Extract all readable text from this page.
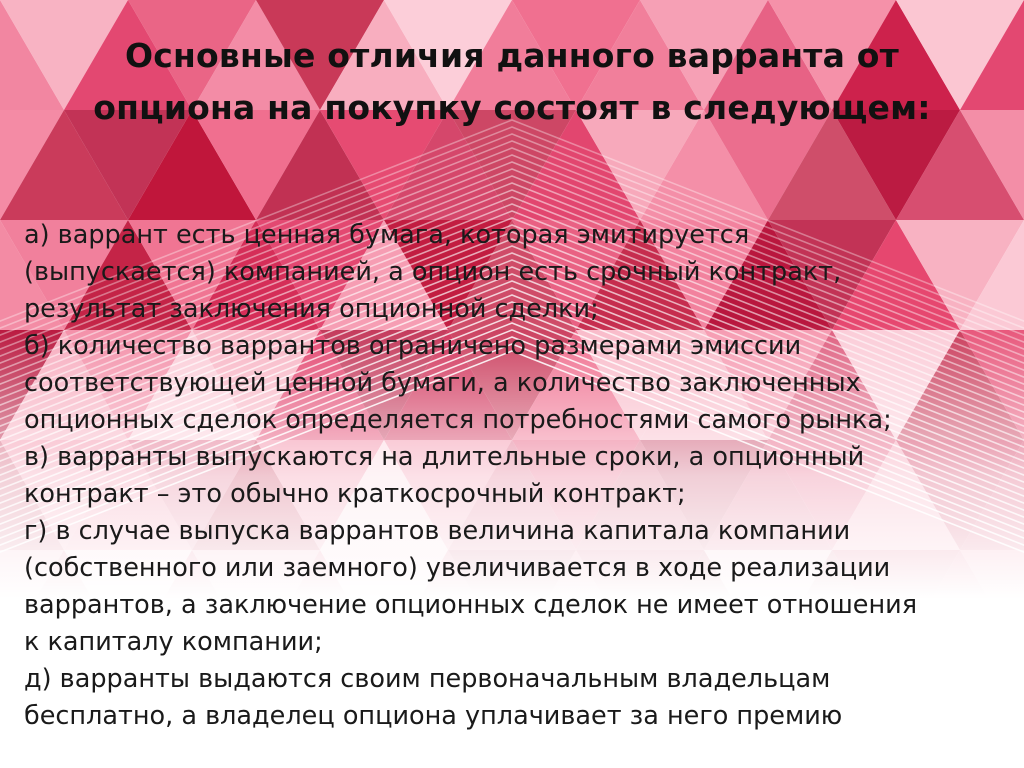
Основные отличия данного варранта от
опциона на покупку состоят в следующем:
а) варрант есть ценная бумага, которая эмитируется
(выпускается) компанией, а опцион есть срочный контракт,
результат заключения опционной сделки;
б) количество варрантов ограничено размерами эмиссии
соответствующей ценной бумаги, а количество заключенных
опционных сделок определяется потребностями самого рынка;
в) варранты выпускаются на длительные сроки, а опционный
контракт – это обычно краткосрочный контракт;
г) в случае выпуска варрантов величина капитала компании
(собственного или заемного) увеличивается в ходе реализации
варрантов, а заключение опционных сделок не имеет отношения
к капиталу компании;
д) варранты выдаются своим первоначальным владельцам
бесплатно, а владелец опциона уплачивает за него премию
